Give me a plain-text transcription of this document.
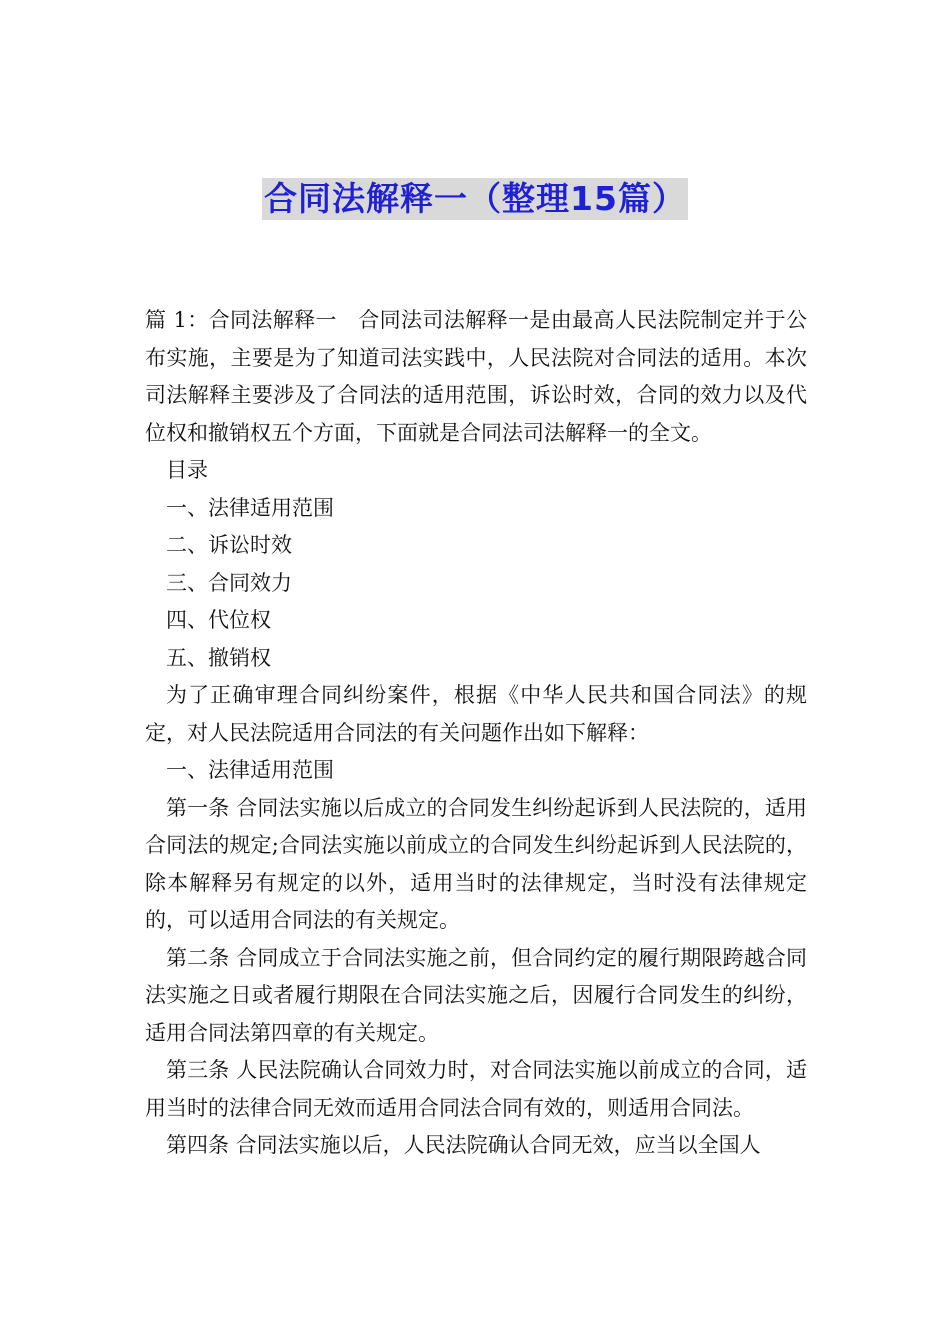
合同法解释一（整理15篇）

篇 1：合同法解释一　合同法司法解释一是由最高人民法院制定并于公布实施，主要是为了知道司法实践中，人民法院对合同法的适用。本次司法解释主要涉及了合同法的适用范围，诉讼时效，合同的效力以及代位权和撤销权五个方面，下面就是合同法司法解释一的全文。

目录

一、法律适用范围

二、诉讼时效

三、合同效力

四、代位权

五、撤销权

为了正确审理合同纠纷案件，根据《中华人民共和国合同法》的规定，对人民法院适用合同法的有关问题作出如下解释：

一、法律适用范围

第一条 合同法实施以后成立的合同发生纠纷起诉到人民法院的，适用合同法的规定;合同法实施以前成立的合同发生纠纷起诉到人民法院的，除本解释另有规定的以外，适用当时的法律规定，当时没有法律规定的，可以适用合同法的有关规定。

第二条 合同成立于合同法实施之前，但合同约定的履行期限跨越合同法实施之日或者履行期限在合同法实施之后，因履行合同发生的纠纷，适用合同法第四章的有关规定。

第三条 人民法院确认合同效力时，对合同法实施以前成立的合同，适用当时的法律合同无效而适用合同法合同有效的，则适用合同法。

第四条 合同法实施以后，人民法院确认合同无效，应当以全国人
